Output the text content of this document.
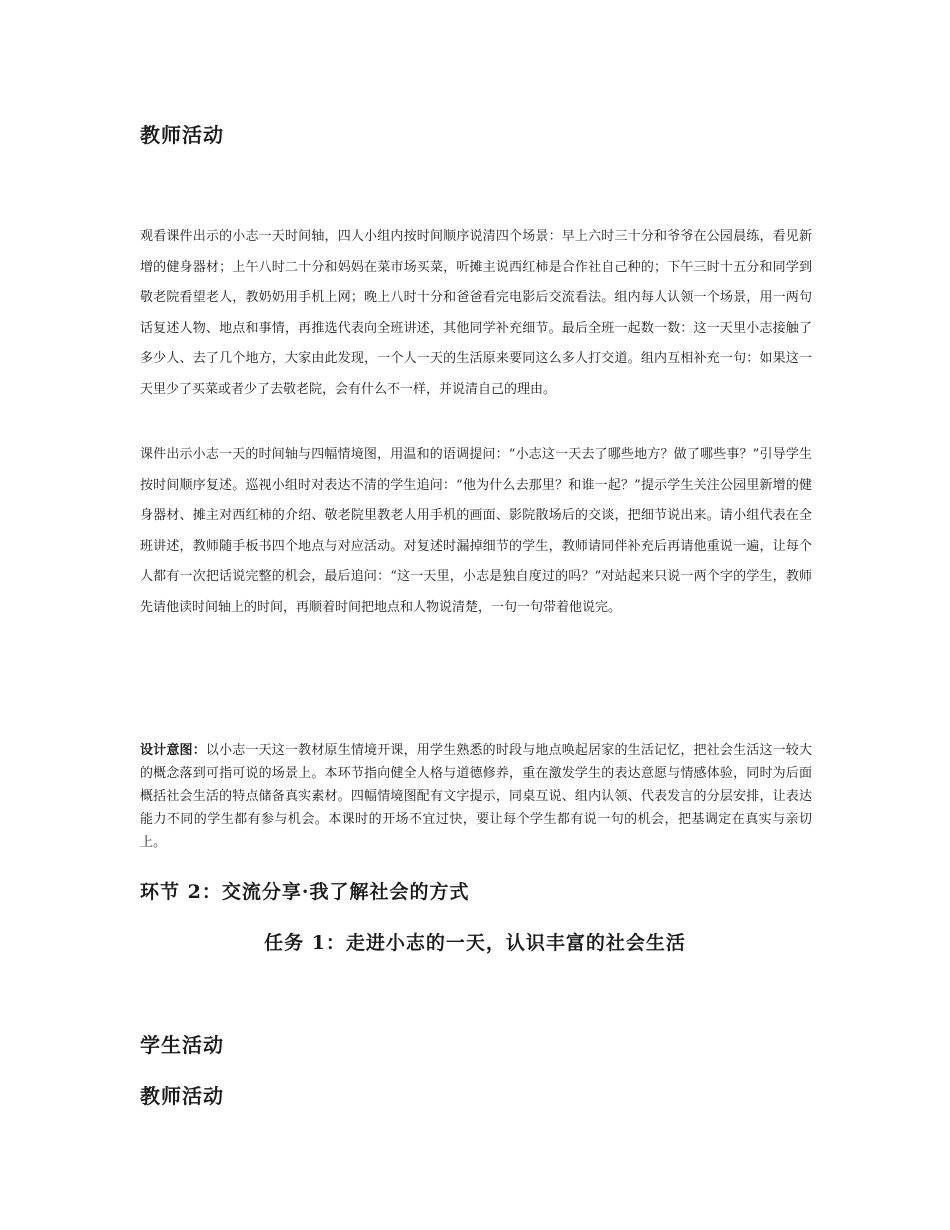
教师活动

观看课件出示的小志一天时间轴，四人小组内按时间顺序说清四个场景：早上六时三十分和爷爷在公园晨练，看见新增的健身器材；上午八时二十分和妈妈在菜市场买菜，听摊主说西红柿是合作社自己种的；下午三时十五分和同学到敬老院看望老人，教奶奶用手机上网；晚上八时十分和爸爸看完电影后交流看法。组内每人认领一个场景，用一两句话复述人物、地点和事情，再推选代表向全班讲述，其他同学补充细节。最后全班一起数一数：这一天里小志接触了多少人、去了几个地方，大家由此发现，一个人一天的生活原来要同这么多人打交道。组内互相补充一句：如果这一天里少了买菜或者少了去敬老院，会有什么不一样，并说清自己的理由。

课件出示小志一天的时间轴与四幅情境图，用温和的语调提问：“小志这一天去了哪些地方？做了哪些事？”引导学生按时间顺序复述。巡视小组时对表达不清的学生追问：“他为什么去那里？和谁一起？”提示学生关注公园里新增的健身器材、摊主对西红柿的介绍、敬老院里教老人用手机的画面、影院散场后的交谈，把细节说出来。请小组代表在全班讲述，教师随手板书四个地点与对应活动。对复述时漏掉细节的学生，教师请同伴补充后再请他重说一遍，让每个人都有一次把话说完整的机会，最后追问：“这一天里，小志是独自度过的吗？”对站起来只说一两个字的学生，教师先请他读时间轴上的时间，再顺着时间把地点和人物说清楚，一句一句带着他说完。

设计意图：以小志一天这一教材原生情境开课，用学生熟悉的时段与地点唤起居家的生活记忆，把社会生活这一较大的概念落到可指可说的场景上。本环节指向健全人格与道德修养，重在激发学生的表达意愿与情感体验，同时为后面概括社会生活的特点储备真实素材。四幅情境图配有文字提示，同桌互说、组内认领、代表发言的分层安排，让表达能力不同的学生都有参与机会。本课时的开场不宜过快，要让每个学生都有说一句的机会，把基调定在真实与亲切上。

环节 2：交流分享·我了解社会的方式
任务 1：走进小志的一天，认识丰富的社会生活
学生活动
教师活动
